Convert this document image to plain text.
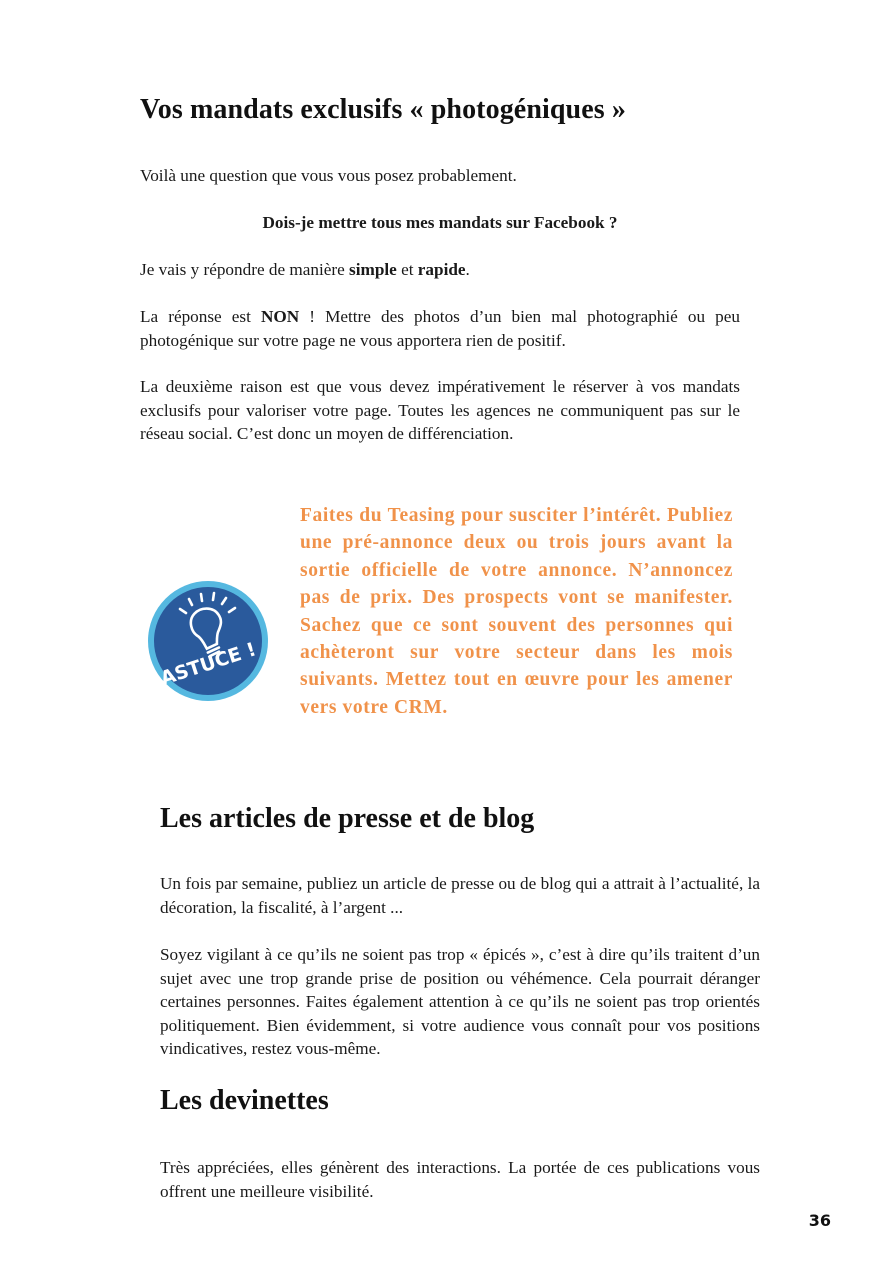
Vos mandats exclusifs « photogéniques »

Voilà une question que vous vous posez probablement.

Dois-je mettre tous mes mandats sur Facebook ?

Je vais y répondre de manière simple et rapide.

La réponse est NON ! Mettre des photos d’un bien mal photographié ou peu photogénique sur votre page ne vous apportera rien de positif.

La deuxième raison est que vous devez impérativement le réserver à vos mandats exclusifs pour valoriser votre page. Toutes les agences ne communiquent pas sur le réseau social. C’est donc un moyen de différenciation.

ASTUCE !

Faites du Teasing pour susciter l’intérêt. Publiez une pré-annonce deux ou trois jours avant la sortie officielle de votre annonce. N’annoncez pas de prix. Des prospects vont se manifester. Sachez que ce sont souvent des personnes qui achèteront sur votre secteur dans les mois suivants. Mettez tout en œuvre pour les amener vers votre CRM.

Les articles de presse et de blog

Un fois par semaine, publiez un article de presse ou de blog qui a attrait à l’actualité, la décoration, la fiscalité, à l’argent ...

Soyez vigilant à ce qu’ils ne soient pas trop « épicés », c’est à dire qu’ils traitent d’un sujet avec une trop grande prise de position ou véhémence. Cela pourrait déranger certaines personnes. Faites également attention à ce qu’ils ne soient pas trop orientés politiquement. Bien évidemment, si votre audience vous connaît pour vos positions vindicatives, restez vous-même.

Les devinettes

Très appréciées, elles génèrent des interactions. La portée de ces publications vous offrent une meilleure visibilité.

36
